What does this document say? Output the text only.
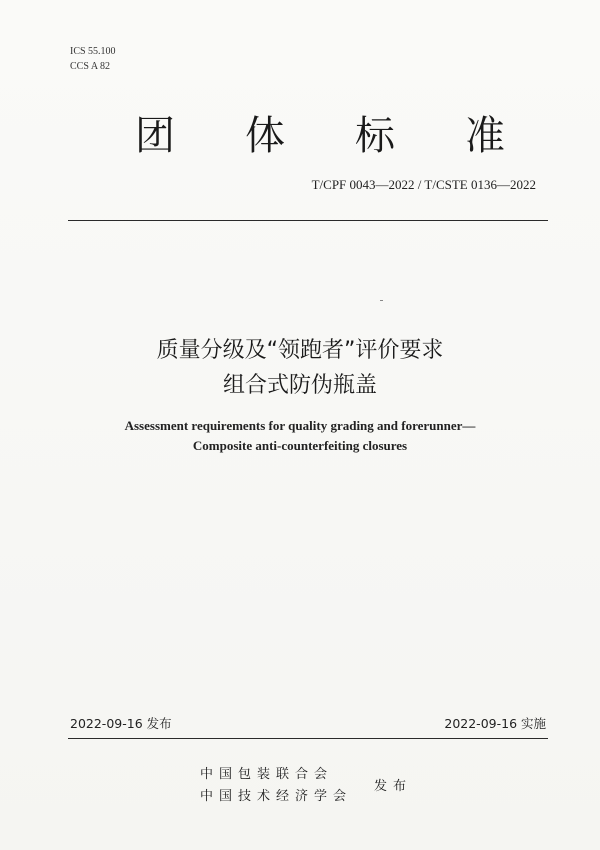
ICS 55.100
CCS A 82
团 体 标 准
T/CPF 0043—2022 / T/CSTE 0136—2022
质量分级及“领跑者”评价要求
组合式防伪瓶盖
Assessment requirements for quality grading and forerunner—
Composite anti-counterfeiting closures
2022-09-16 发布	2022-09-16 实施
中国包装联合会
中国技术经济学会
发布
